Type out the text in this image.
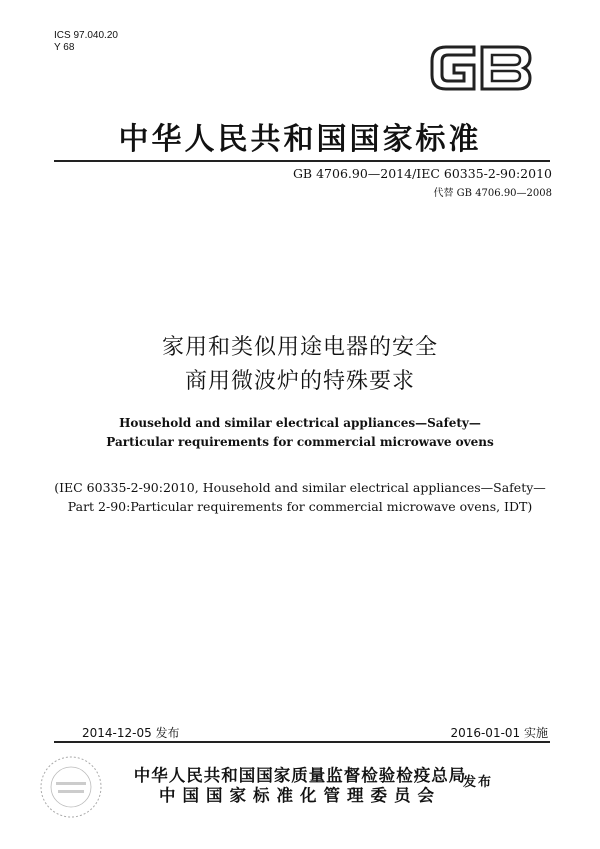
ICS 97.040.20
Y 68
中华人民共和国国家标准
GB 4706.90—2014/IEC 60335-2-90:2010
代替 GB 4706.90—2008
家用和类似用途电器的安全
商用微波炉的特殊要求
Household and similar electrical appliances—Safety—
Particular requirements for commercial microwave ovens
(IEC 60335-2-90:2010, Household and similar electrical appliances—Safety—
Part 2-90:Particular requirements for commercial microwave ovens, IDT)
2014-12-05 发布	2016-01-01 实施
中华人民共和国国家质量监督检验检疫总局
中国国家标准化管理委员会
发布
